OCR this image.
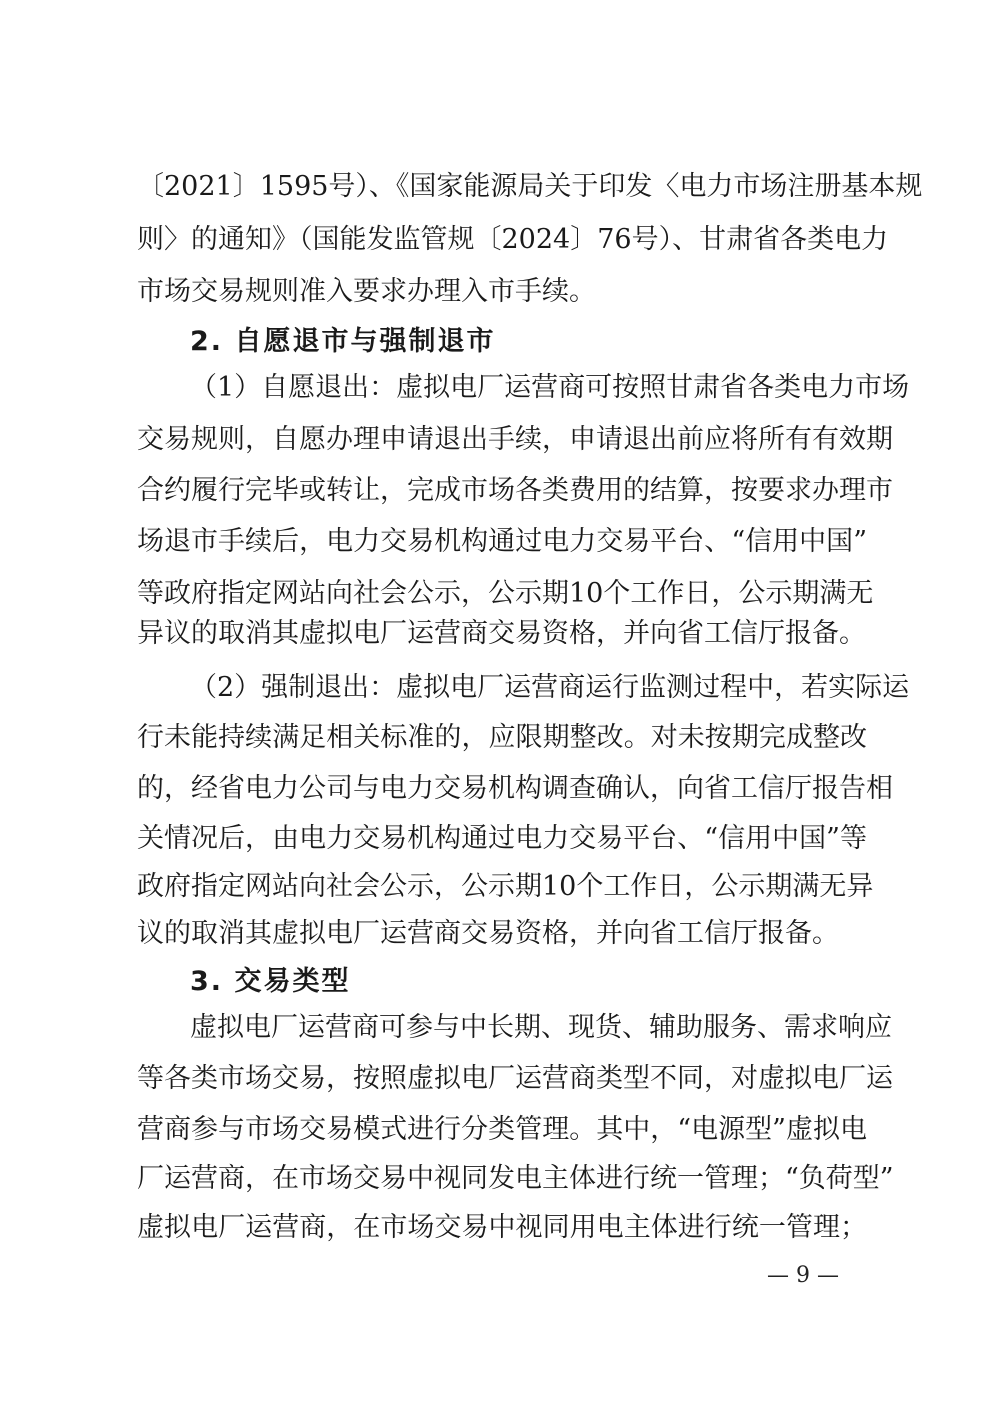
〔2021〕1595号）、《国家能源局关于印发〈电力市场注册基本规
则〉的通知》（国能发监管规〔2024〕76号）、甘肃省各类电力
市场交易规则准入要求办理入市手续。
2. 自愿退市与强制退市
（1）自愿退出：虚拟电厂运营商可按照甘肃省各类电力市场
交易规则，自愿办理申请退出手续，申请退出前应将所有有效期
合约履行完毕或转让，完成市场各类费用的结算，按要求办理市
场退市手续后，电力交易机构通过电力交易平台、“信用中国”
等政府指定网站向社会公示，公示期10个工作日，公示期满无
异议的取消其虚拟电厂运营商交易资格，并向省工信厅报备。
（2）强制退出：虚拟电厂运营商运行监测过程中，若实际运
行未能持续满足相关标准的，应限期整改。对未按期完成整改
的，经省电力公司与电力交易机构调查确认，向省工信厅报告相
关情况后，由电力交易机构通过电力交易平台、“信用中国”等
政府指定网站向社会公示，公示期10个工作日，公示期满无异
议的取消其虚拟电厂运营商交易资格，并向省工信厅报备。
3. 交易类型
虚拟电厂运营商可参与中长期、现货、辅助服务、需求响应
等各类市场交易，按照虚拟电厂运营商类型不同，对虚拟电厂运
营商参与市场交易模式进行分类管理。其中，“电源型”虚拟电
厂运营商，在市场交易中视同发电主体进行统一管理；“负荷型”
虚拟电厂运营商，在市场交易中视同用电主体进行统一管理；
— 9 —
